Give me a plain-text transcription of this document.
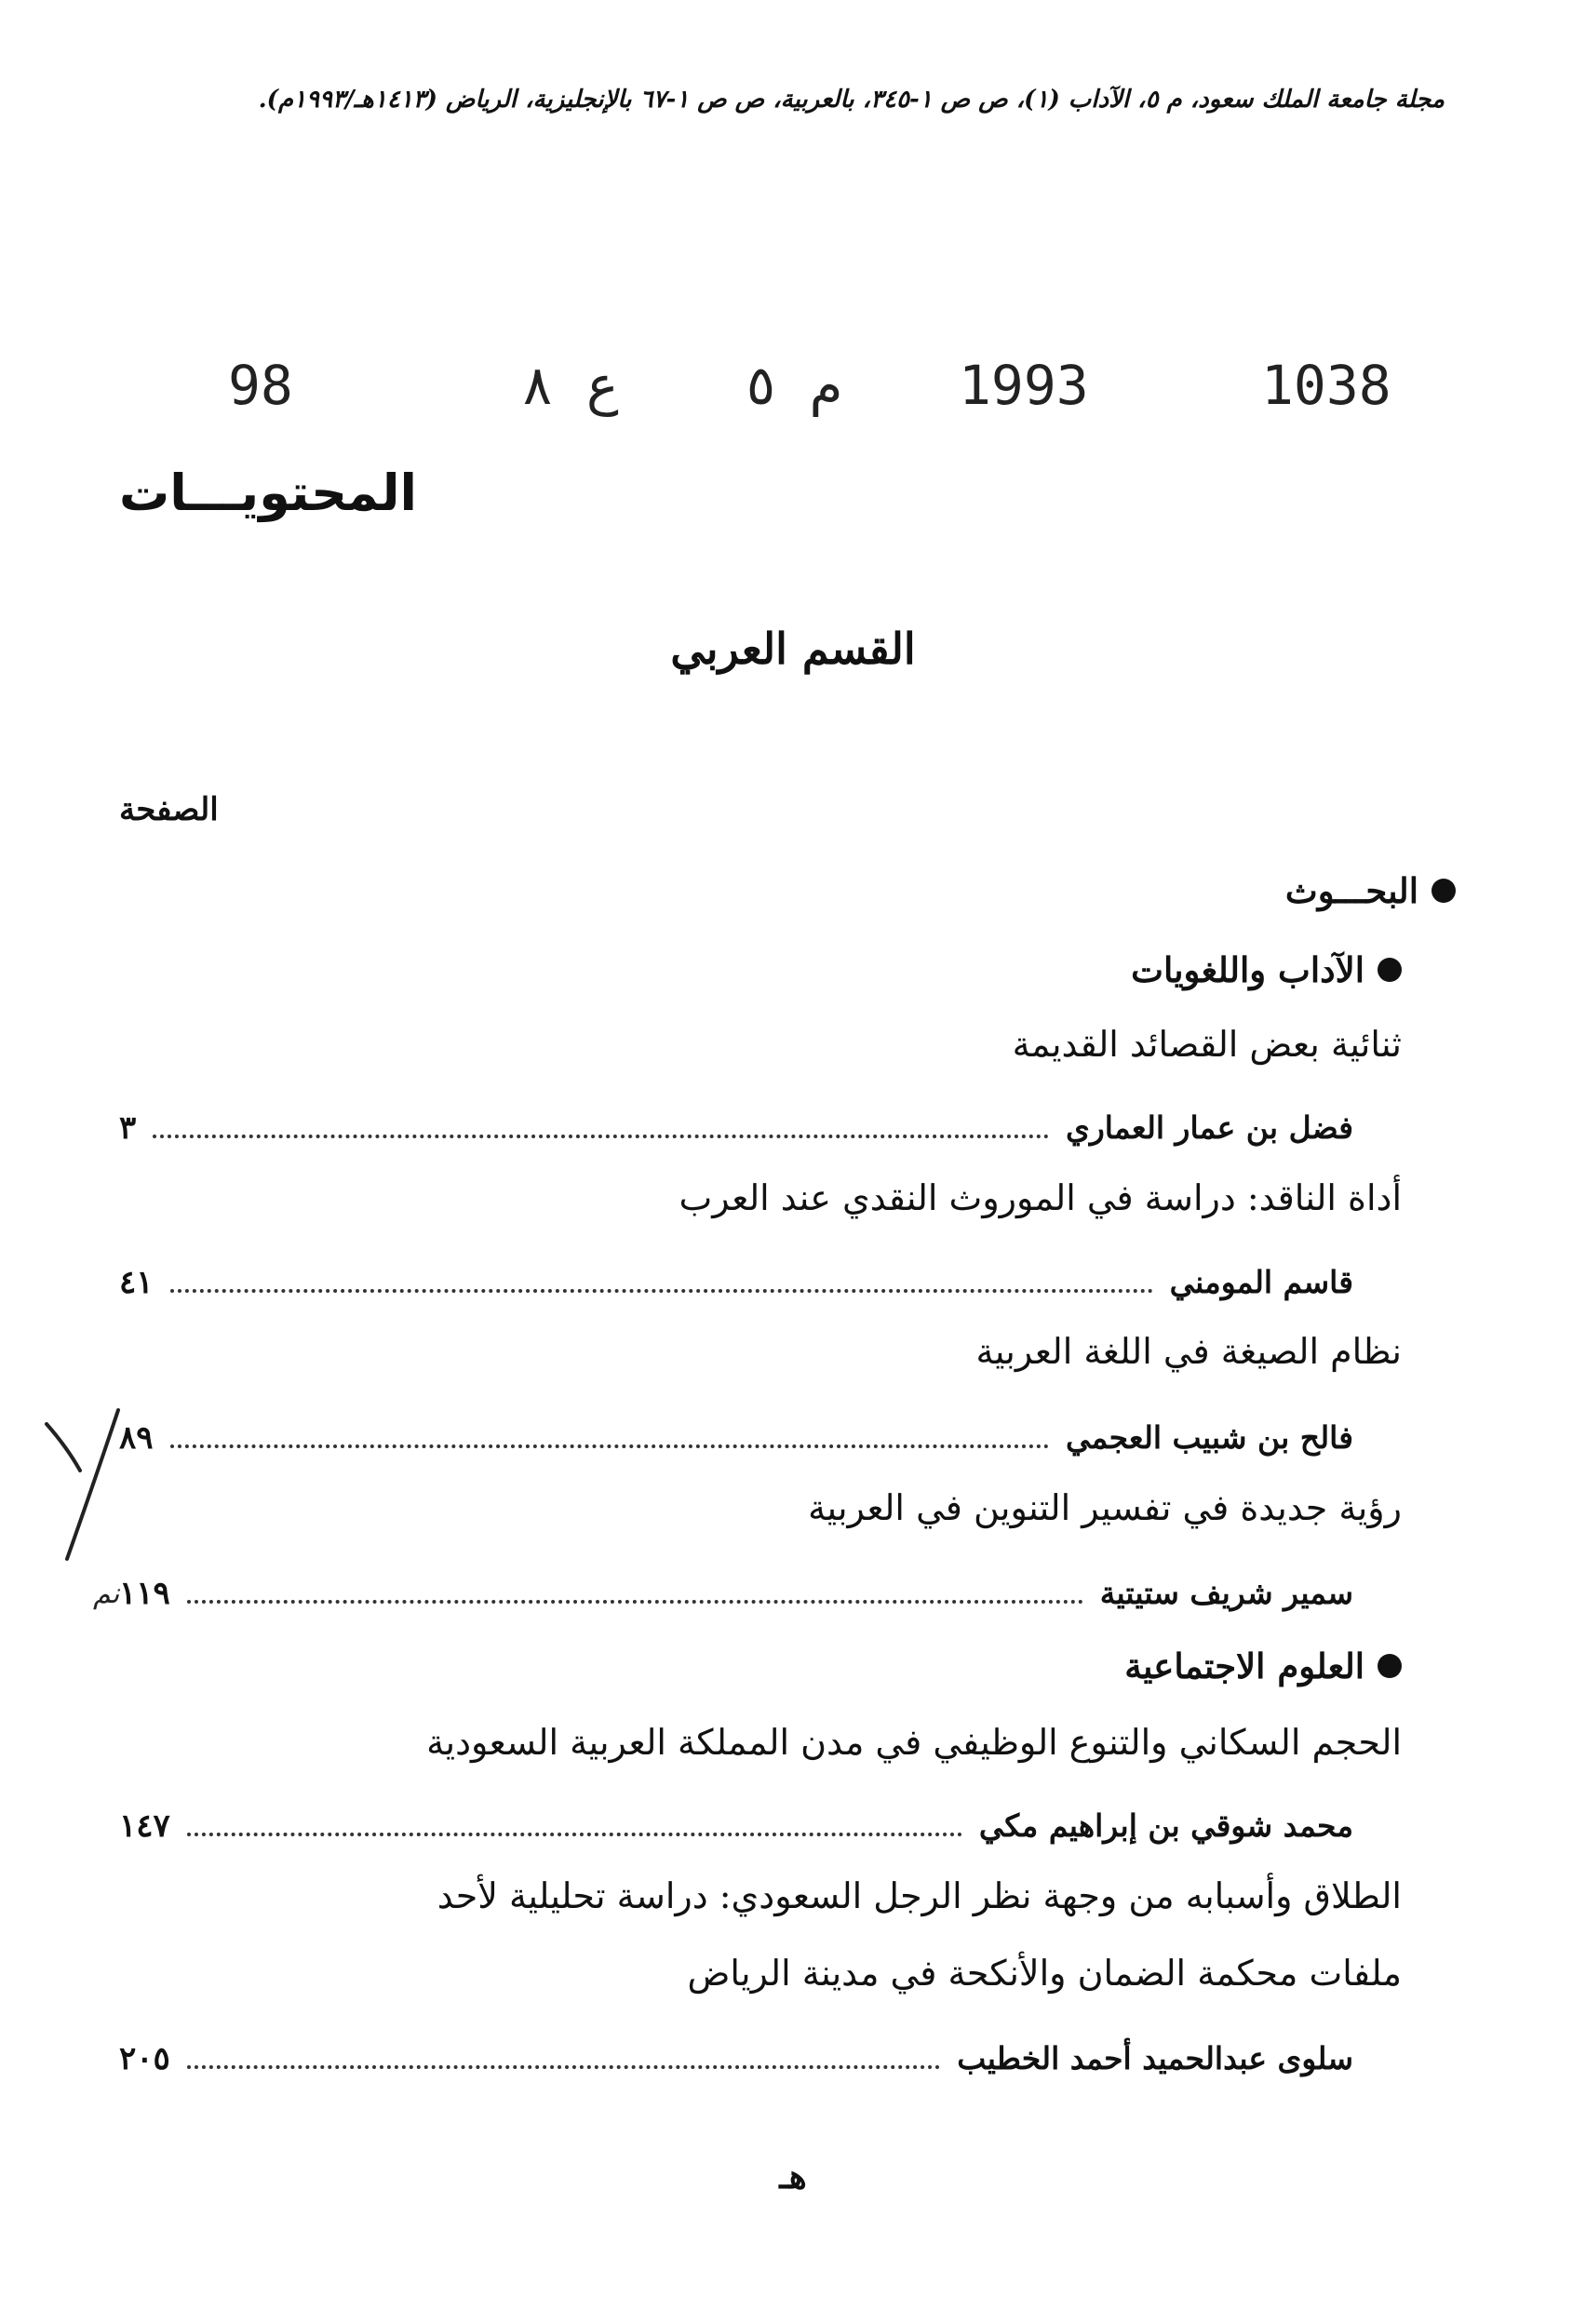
مجلة جامعة الملك سعود، م ٥، الآداب (١)، ص ص ١-٣٤٥، بالعربية، ص ص ١-٦٧ بالإنجليزية، الرياض (١٤١٣هـ/١٩٩٣م).
1038
1993
م ٥
ع ٨
98
المحتويـــات
القسم العربي
الصفحة
البحـــوث
الآداب واللغويات
ثنائية بعض القصائد القديمة
فضل بن عمار العماري
٣
أداة الناقد: دراسة في الموروث النقدي عند العرب
قاسم المومني
٤١
نظام الصيغة في اللغة العربية
فالح بن شبيب العجمي
٨٩
رؤية جديدة في تفسير التنوين في العربية
سمير شريف ستيتية
١١٩
العلوم الاجتماعية
الحجم السكاني والتنوع الوظيفي في مدن المملكة العربية السعودية
محمد شوقي بن إبراهيم مكي
١٤٧
الطلاق وأسبابه من وجهة نظر الرجل السعودي: دراسة تحليلية لأحد
ملفات محكمة الضمان والأنكحة في مدينة الرياض
سلوى عبدالحميد أحمد الخطيب
٢٠٥
نم
هـ
